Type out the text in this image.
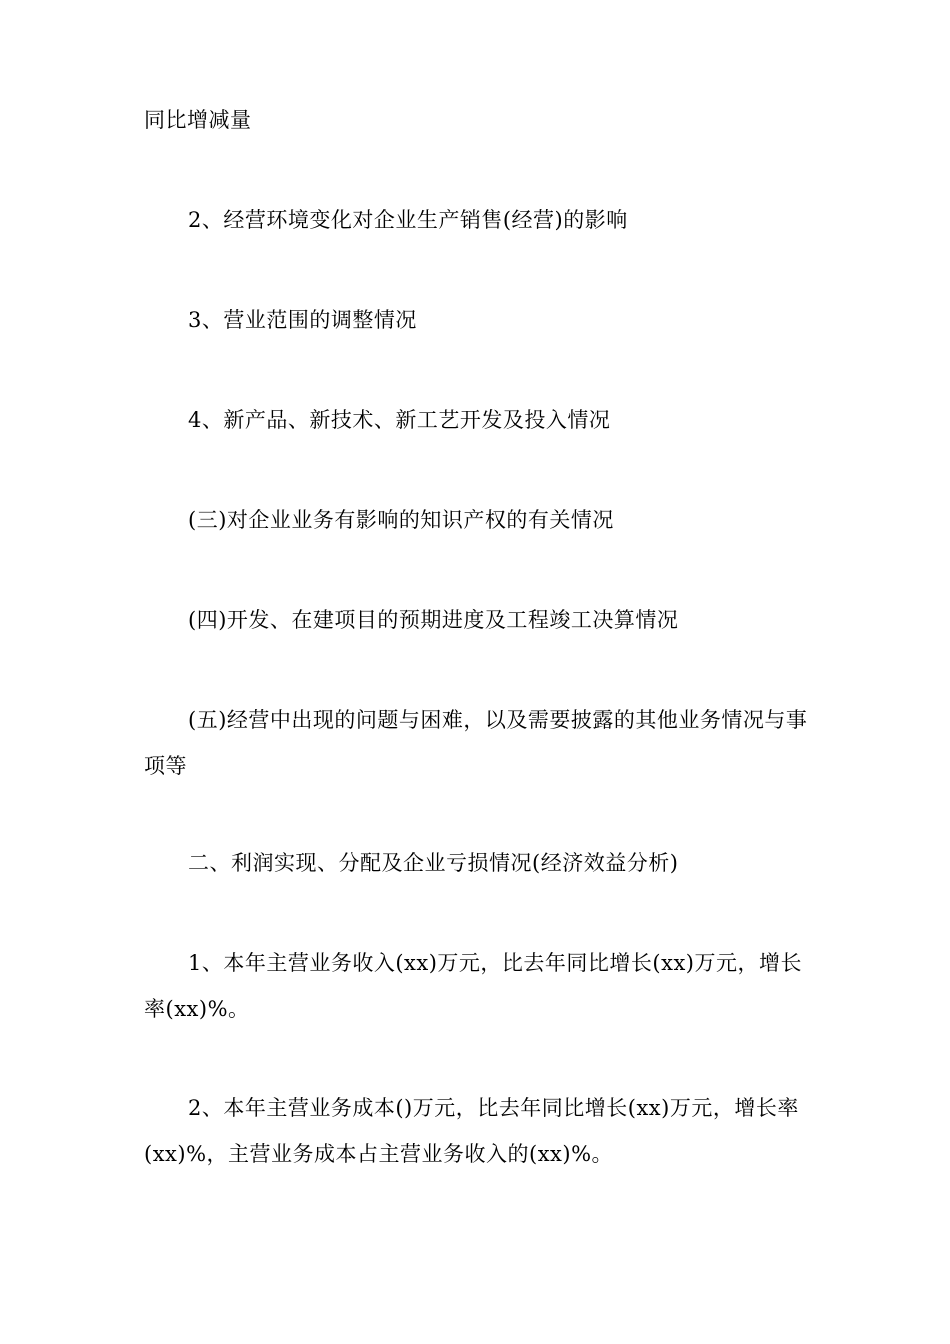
同比增减量

2、经营环境变化对企业生产销售(经营)的影响

3、营业范围的调整情况

4、新产品、新技术、新工艺开发及投入情况

(三)对企业业务有影响的知识产权的有关情况

(四)开发、在建项目的预期进度及工程竣工决算情况

(五)经营中出现的问题与困难，以及需要披露的其他业务情况与事项等

二、利润实现、分配及企业亏损情况(经济效益分析)

1、本年主营业务收入(xx)万元，比去年同比增长(xx)万元，增长率(xx)%。

2、本年主营业务成本()万元，比去年同比增长(xx)万元，增长率(xx)%，主营业务成本占主营业务收入的(xx)%。
